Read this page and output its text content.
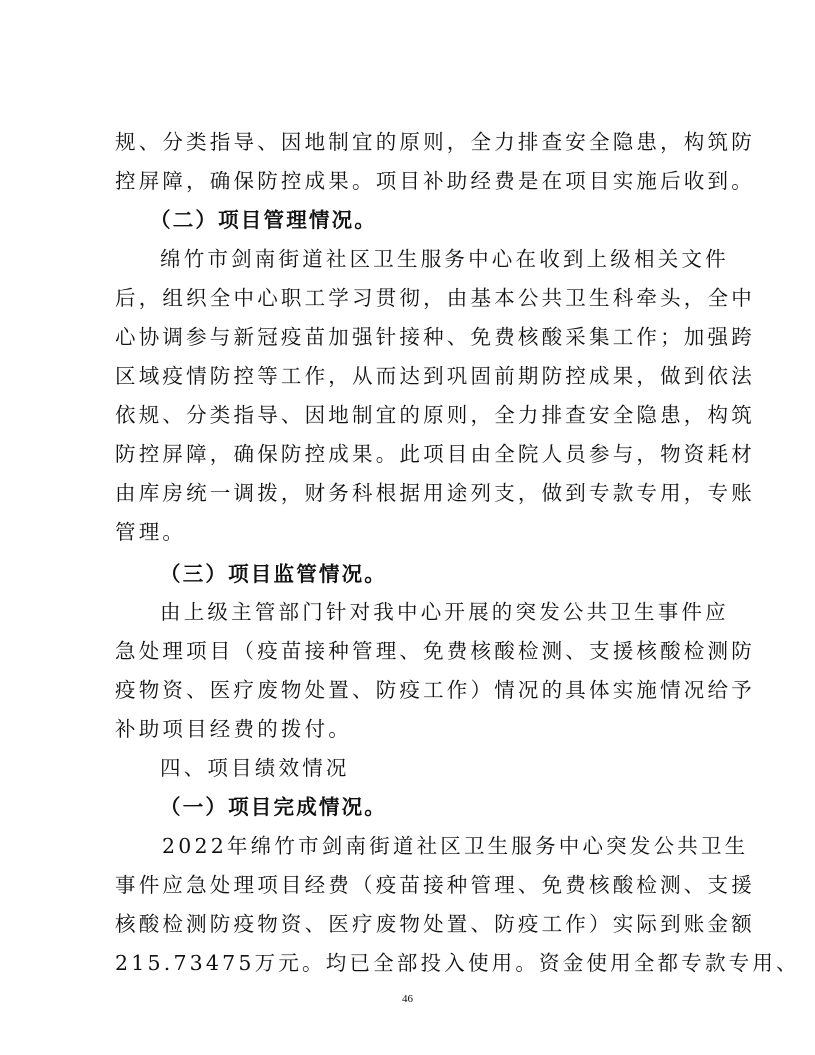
规、分类指导、因地制宜的原则，全力排查安全隐患，构筑防
控屏障，确保防控成果。项目补助经费是在项目实施后收到。
（二）项目管理情况。
绵竹市剑南街道社区卫生服务中心在收到上级相关文件
后，组织全中心职工学习贯彻，由基本公共卫生科牵头，全中
心协调参与新冠疫苗加强针接种、免费核酸采集工作；加强跨
区域疫情防控等工作，从而达到巩固前期防控成果，做到依法
依规、分类指导、因地制宜的原则，全力排查安全隐患，构筑
防控屏障，确保防控成果。此项目由全院人员参与，物资耗材
由库房统一调拨，财务科根据用途列支，做到专款专用，专账
管理。
（三）项目监管情况。
由上级主管部门针对我中心开展的突发公共卫生事件应
急处理项目（疫苗接种管理、免费核酸检测、支援核酸检测防
疫物资、医疗废物处置、防疫工作）情况的具体实施情况给予
补助项目经费的拨付。
四、项目绩效情况
（一）项目完成情况。
2022年绵竹市剑南街道社区卫生服务中心突发公共卫生
事件应急处理项目经费（疫苗接种管理、免费核酸检测、支援
核酸检测防疫物资、医疗废物处置、防疫工作）实际到账金额
215.73475万元。均已全部投入使用。资金使用全都专款专用、
46
